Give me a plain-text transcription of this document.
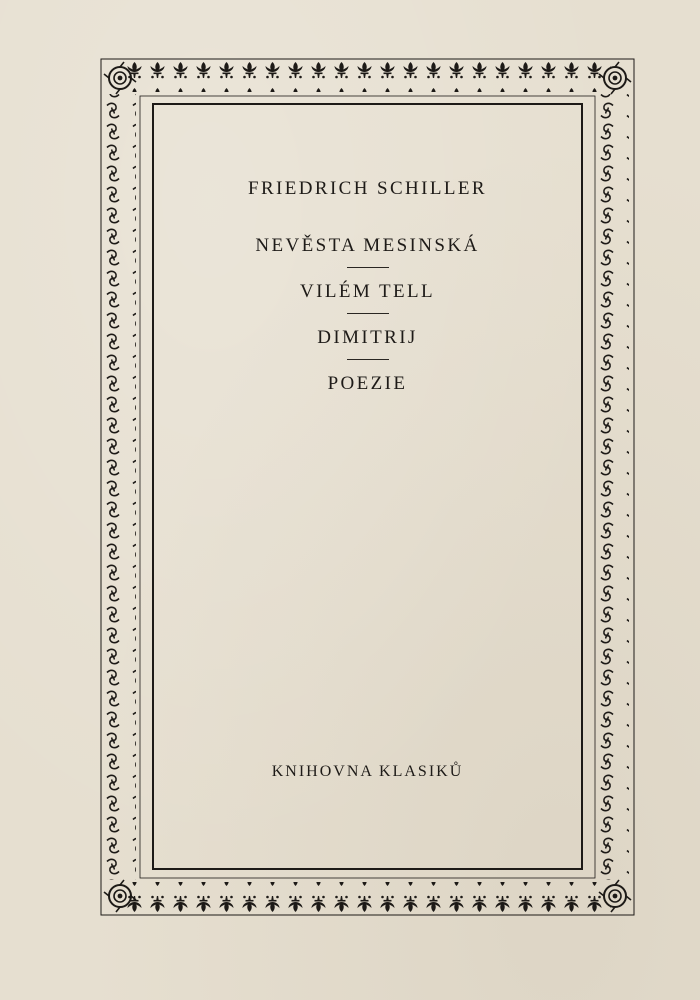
FRIEDRICH SCHILLER
NEVĚSTA MESINSKÁ
VILÉM TELL
DIMITRIJ
POEZIE
KNIHOVNA KLASIKŮ
